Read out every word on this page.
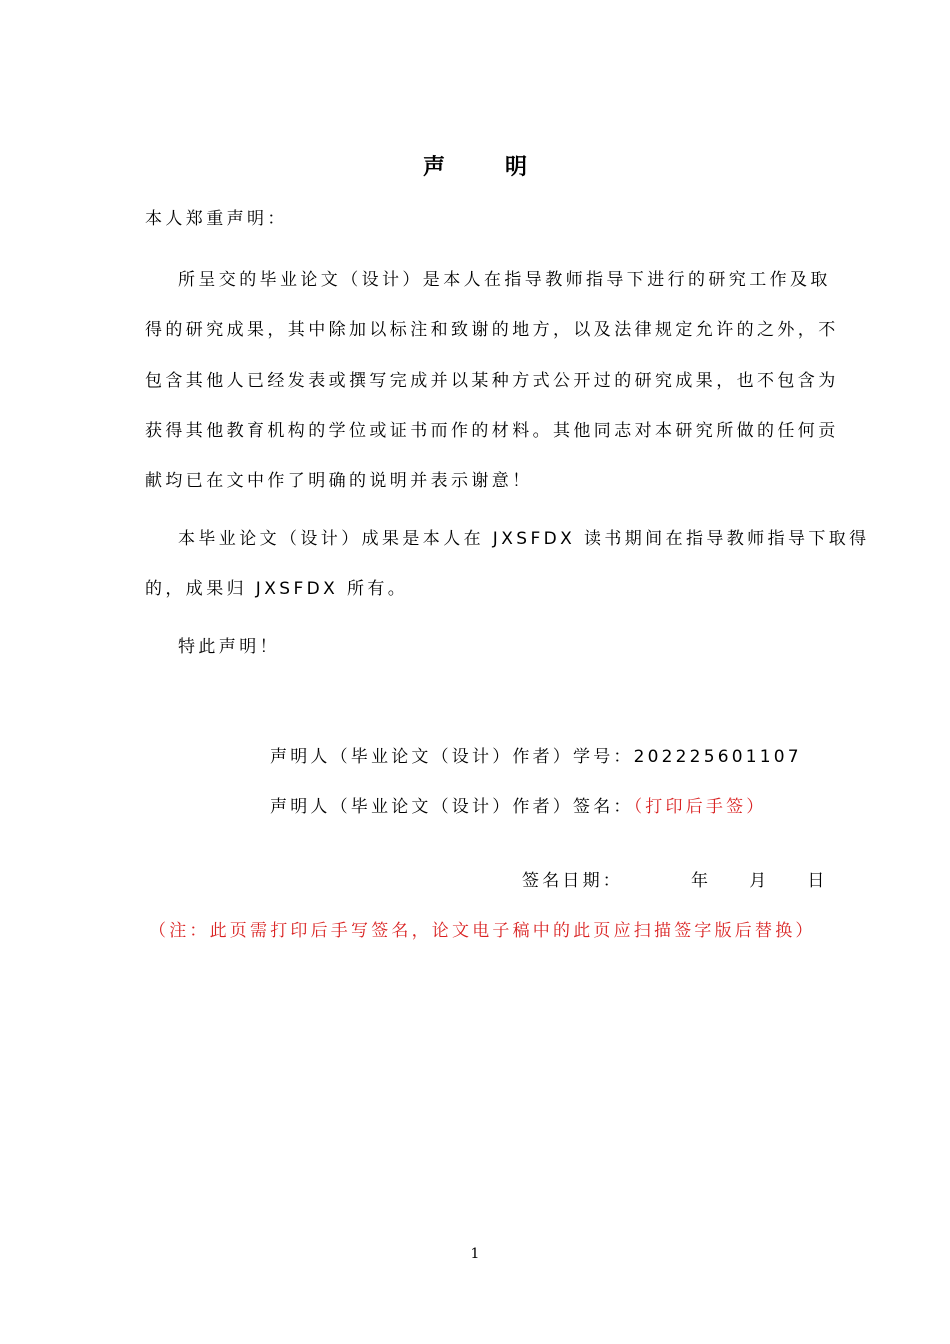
声明
本人郑重声明：
所呈交的毕业论文（设计）是本人在指导教师指导下进行的研究工作及取
得的研究成果，其中除加以标注和致谢的地方，以及法律规定允许的之外，不
包含其他人已经发表或撰写完成并以某种方式公开过的研究成果，也不包含为
获得其他教育机构的学位或证书而作的材料。其他同志对本研究所做的任何贡
献均已在文中作了明确的说明并表示谢意！
本毕业论文（设计）成果是本人在 JXSFDX 读书期间在指导教师指导下取得
的，成果归 JXSFDX 所有。
特此声明！
声明人（毕业论文（设计）作者）学号：202225601107
声明人（毕业论文（设计）作者）签名：（打印后手签）
签名日期：	年 月 日
（注：此页需打印后手写签名，论文电子稿中的此页应扫描签字版后替换）
1
